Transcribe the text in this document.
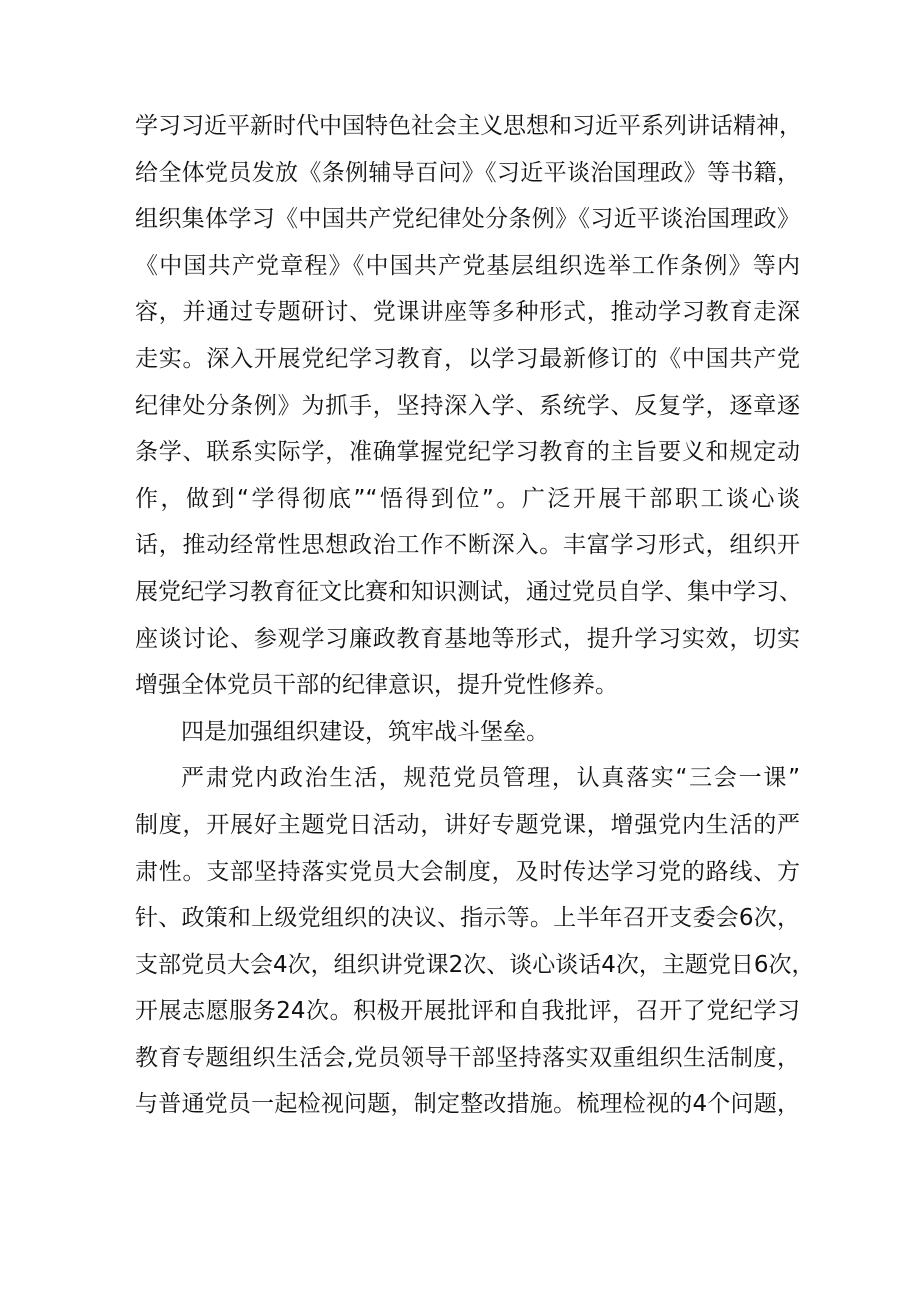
学习习近平新时代中国特色社会主义思想和习近平系列讲话精神，
给全体党员发放《条例辅导百问》《习近平谈治国理政》等书籍，
组织集体学习《中国共产党纪律处分条例》《习近平谈治国理政》
《中国共产党章程》《中国共产党基层组织选举工作条例》等内
容，并通过专题研讨、党课讲座等多种形式，推动学习教育走深
走实。深入开展党纪学习教育，以学习最新修订的《中国共产党
纪律处分条例》为抓手，坚持深入学、系统学、反复学，逐章逐
条学、联系实际学，准确掌握党纪学习教育的主旨要义和规定动
作，做到“学得彻底”“悟得到位”。广泛开展干部职工谈心谈
话，推动经常性思想政治工作不断深入。丰富学习形式，组织开
展党纪学习教育征文比赛和知识测试，通过党员自学、集中学习、
座谈讨论、参观学习廉政教育基地等形式，提升学习实效，切实
增强全体党员干部的纪律意识，提升党性修养。
四是加强组织建设，筑牢战斗堡垒。
严肃党内政治生活，规范党员管理，认真落实“三会一课”
制度，开展好主题党日活动，讲好专题党课，增强党内生活的严
肃性。支部坚持落实党员大会制度，及时传达学习党的路线、方
针、政策和上级党组织的决议、指示等。上半年召开支委会6次，
支部党员大会4次，组织讲党课2次、谈心谈话4次，主题党日6次，
开展志愿服务24次。积极开展批评和自我批评，召开了党纪学习
教育专题组织生活会,党员领导干部坚持落实双重组织生活制度，
与普通党员一起检视问题，制定整改措施。梳理检视的4个问题，
